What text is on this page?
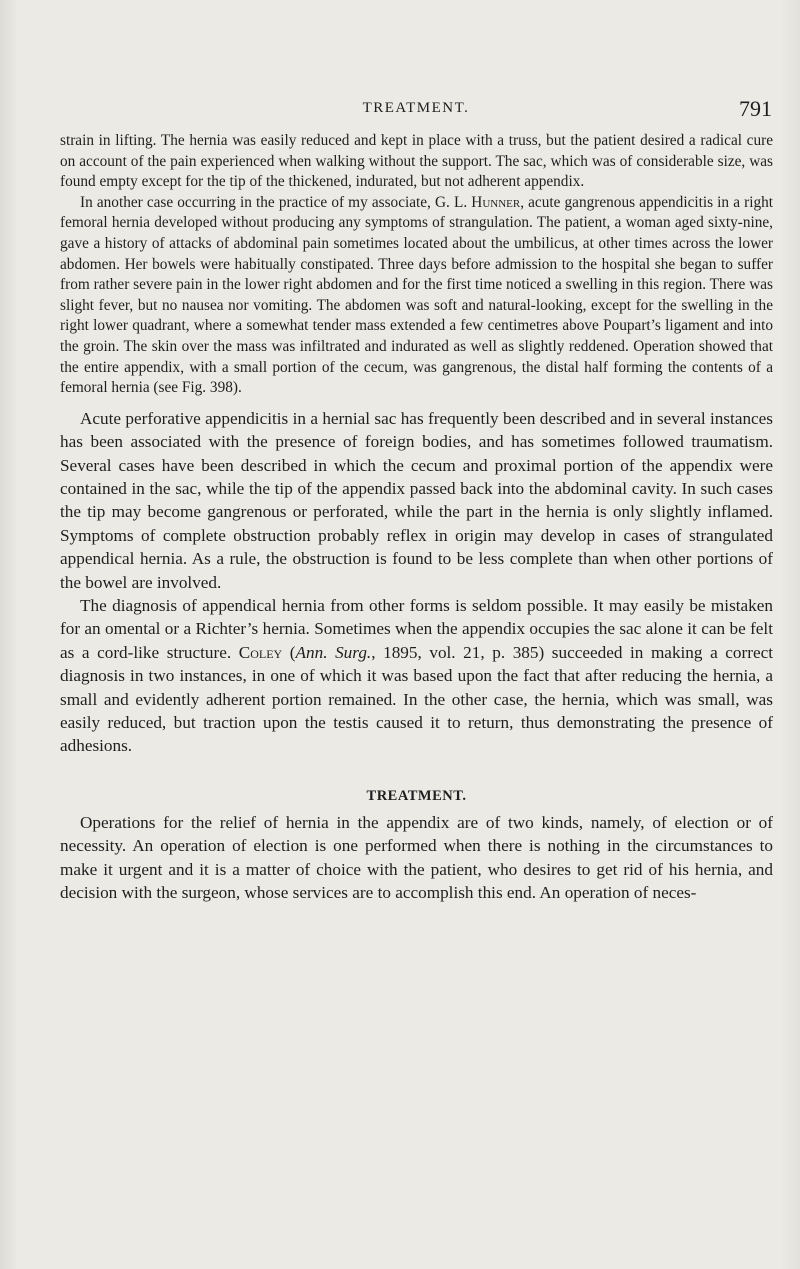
TREATMENT.	791

strain in lifting. The hernia was easily reduced and kept in place with a truss, but the patient desired a radical cure on account of the pain experienced when walking without the support. The sac, which was of considerable size, was found empty except for the tip of the thickened, indurated, but not adherent appendix.

In another case occurring in the practice of my associate, G. L. Hunner, acute gangrenous appendicitis in a right femoral hernia developed without producing any symptoms of strangulation. The patient, a woman aged sixty-nine, gave a history of attacks of abdominal pain sometimes located about the umbilicus, at other times across the lower abdomen. Her bowels were habitually constipated. Three days before admission to the hospital she began to suffer from rather severe pain in the lower right abdomen and for the first time noticed a swelling in this region. There was slight fever, but no nausea nor vomiting. The abdomen was soft and natural-looking, except for the swelling in the right lower quadrant, where a somewhat tender mass extended a few centimetres above Poupart’s ligament and into the groin. The skin over the mass was infiltrated and indurated as well as slightly reddened. Operation showed that the entire appendix, with a small portion of the cecum, was gangrenous, the distal half forming the contents of a femoral hernia (see Fig. 398).

Acute perforative appendicitis in a hernial sac has frequently been described and in several instances has been associated with the presence of foreign bodies, and has sometimes followed traumatism. Several cases have been described in which the cecum and proximal portion of the appendix were contained in the sac, while the tip of the appendix passed back into the abdominal cavity. In such cases the tip may become gangrenous or perforated, while the part in the hernia is only slightly inflamed. Symptoms of complete obstruction probably reflex in origin may develop in cases of strangulated appendical hernia. As a rule, the obstruction is found to be less complete than when other portions of the bowel are involved.

The diagnosis of appendical hernia from other forms is seldom possible. It may easily be mistaken for an omental or a Richter’s hernia. Sometimes when the appendix occupies the sac alone it can be felt as a cord-like structure. Coley (Ann. Surg., 1895, vol. 21, p. 385) succeeded in making a correct diagnosis in two instances, in one of which it was based upon the fact that after reducing the hernia, a small and evidently adherent portion remained. In the other case, the hernia, which was small, was easily reduced, but traction upon the testis caused it to return, thus demonstrating the presence of adhesions.

TREATMENT.

Operations for the relief of hernia in the appendix are of two kinds, namely, of election or of necessity. An operation of election is one performed when there is nothing in the circumstances to make it urgent and it is a matter of choice with the patient, who desires to get rid of his hernia, and decision with the surgeon, whose services are to accomplish this end. An operation of neces-
